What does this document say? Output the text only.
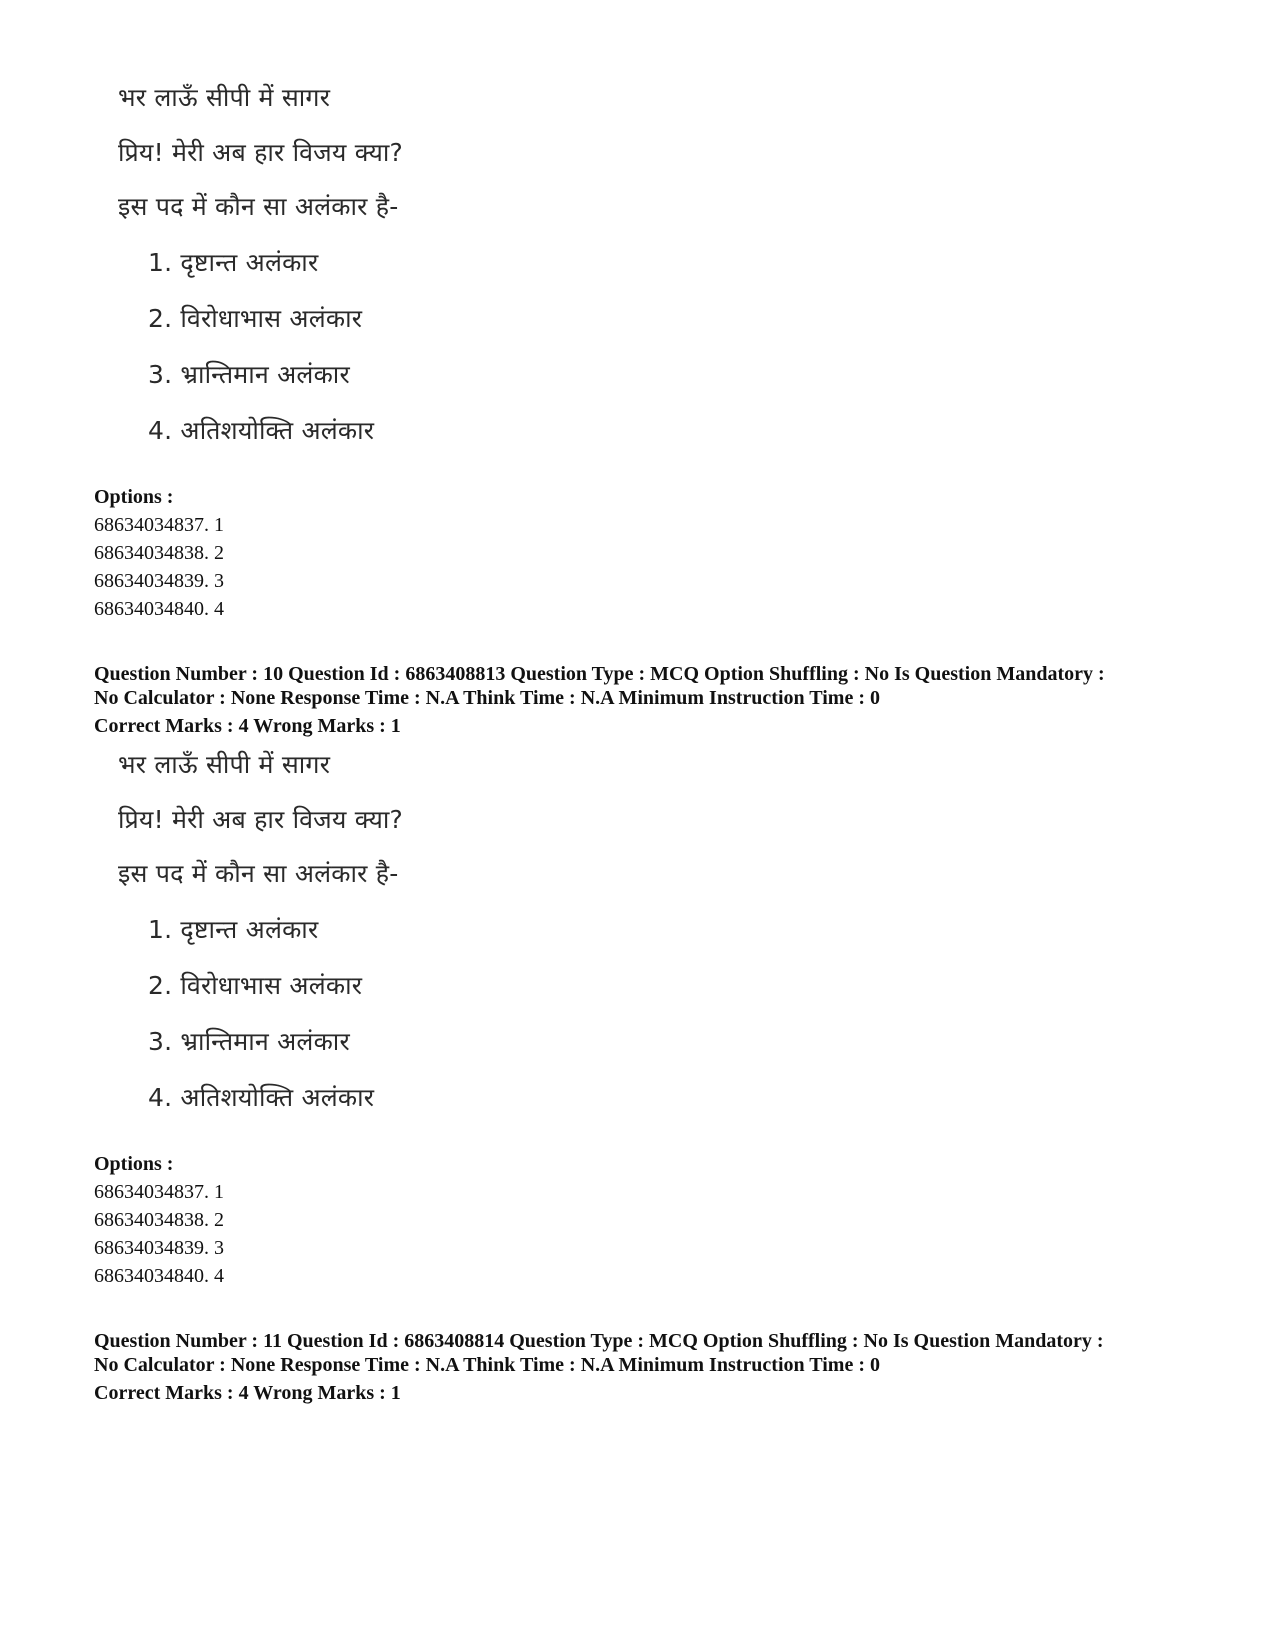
भर लाऊँ सीपी में सागर
प्रिय! मेरी अब हार विजय क्या?
इस पद में कौन सा अलंकार है-
1. दृष्टान्त अलंकार
2. विरोधाभास अलंकार
3. भ्रान्तिमान अलंकार
4. अतिशयोक्ति अलंकार
Options :
68634034837. 1
68634034838. 2
68634034839. 3
68634034840. 4
Question Number : 10 Question Id : 6863408813 Question Type : MCQ Option Shuffling : No Is Question Mandatory :
No Calculator : None Response Time : N.A Think Time : N.A Minimum Instruction Time : 0
Correct Marks : 4 Wrong Marks : 1
भर लाऊँ सीपी में सागर
प्रिय! मेरी अब हार विजय क्या?
इस पद में कौन सा अलंकार है-
1. दृष्टान्त अलंकार
2. विरोधाभास अलंकार
3. भ्रान्तिमान अलंकार
4. अतिशयोक्ति अलंकार
Options :
68634034837. 1
68634034838. 2
68634034839. 3
68634034840. 4
Question Number : 11 Question Id : 6863408814 Question Type : MCQ Option Shuffling : No Is Question Mandatory :
No Calculator : None Response Time : N.A Think Time : N.A Minimum Instruction Time : 0
Correct Marks : 4 Wrong Marks : 1
